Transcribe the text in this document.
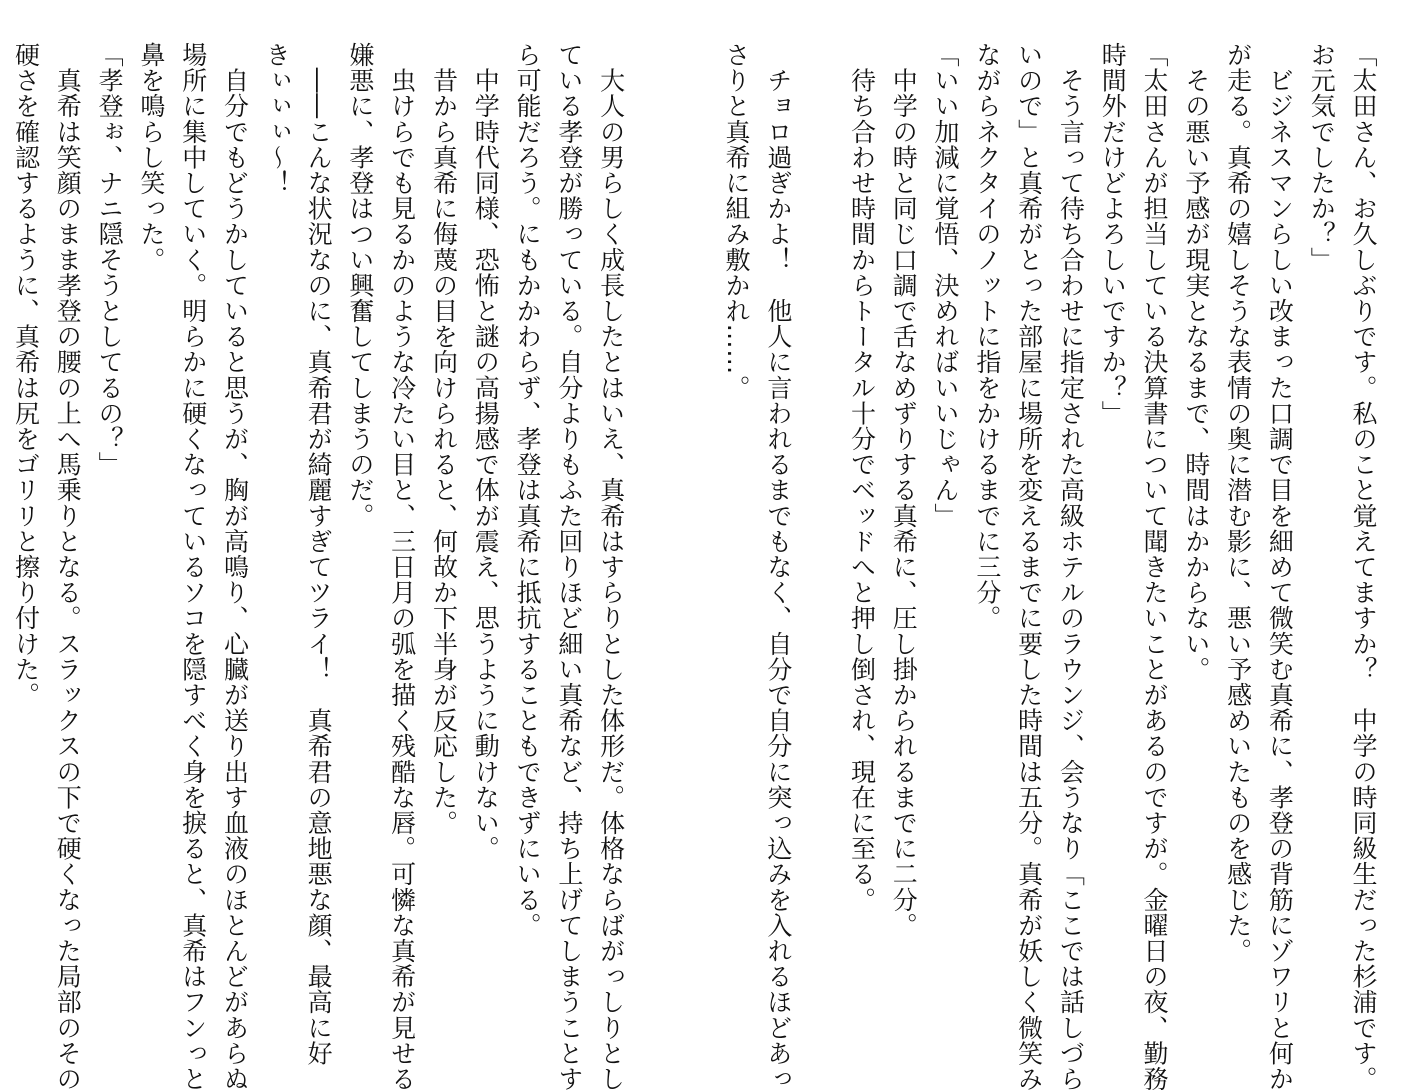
「太田さん、お久しぶりです。私のこと覚えてますか？　中学の時同級生だった杉浦です。
お元気でしたか？」
　ビジネスマンらしい改まった口調で目を細めて微笑む真希に、孝登の背筋にゾワリと何か
が走る。真希の嬉しそうな表情の奥に潜む影に、悪い予感めいたものを感じた。
　その悪い予感が現実となるまで、時間はかからない。
「太田さんが担当している決算書について聞きたいことがあるのですが。金曜日の夜、勤務
時間外だけどよろしいですか？」
　そう言って待ち合わせに指定された高級ホテルのラウンジ、会うなり「ここでは話しづら
いので」と真希がとった部屋に場所を変えるまでに要した時間は五分。真希が妖しく微笑み
ながらネクタイのノットに指をかけるまでに三分。
「いい加減に覚悟、決めればいいじゃん」
　中学の時と同じ口調で舌なめずりする真希に、圧し掛かられるまでに二分。
　待ち合わせ時間からトータル十分でベッドへと押し倒され、現在に至る。

　チョロ過ぎかよ！　他人に言われるまでもなく、自分で自分に突っ込みを入れるほどあっ
さりと真希に組み敷かれ……。

　大人の男らしく成長したとはいえ、真希はすらりとした体形だ。体格ならばがっしりとし
ている孝登が勝っている。自分よりもふた回りほど細い真希など、持ち上げてしまうことす
ら可能だろう。にもかかわらず、孝登は真希に抵抗することもできずにいる。
　中学時代同様、恐怖と謎の高揚感で体が震え、思うように動けない。
　昔から真希に侮蔑の目を向けられると、何故か下半身が反応した。
　虫けらでも見るかのような冷たい目と、三日月の弧を描く残酷な唇。可憐な真希が見せる
嫌悪に、孝登はつい興奮してしまうのだ。
　――こんな状況なのに、真希君が綺麗すぎてツライ！　真希君の意地悪な顔、最高に好
きぃぃぃ～！
　自分でもどうかしていると思うが、胸が高鳴り、心臓が送り出す血液のほとんどがあらぬ
場所に集中していく。明らかに硬くなっているソコを隠すべく身を捩ると、真希はフンっと
鼻を鳴らし笑った。
「孝登ぉ、ナニ隠そうとしてるの？」
　真希は笑顔のまま孝登の腰の上へ馬乗りとなる。スラックスの下で硬くなった局部のその
硬さを確認するように、真希は尻をゴリリと擦り付けた。
